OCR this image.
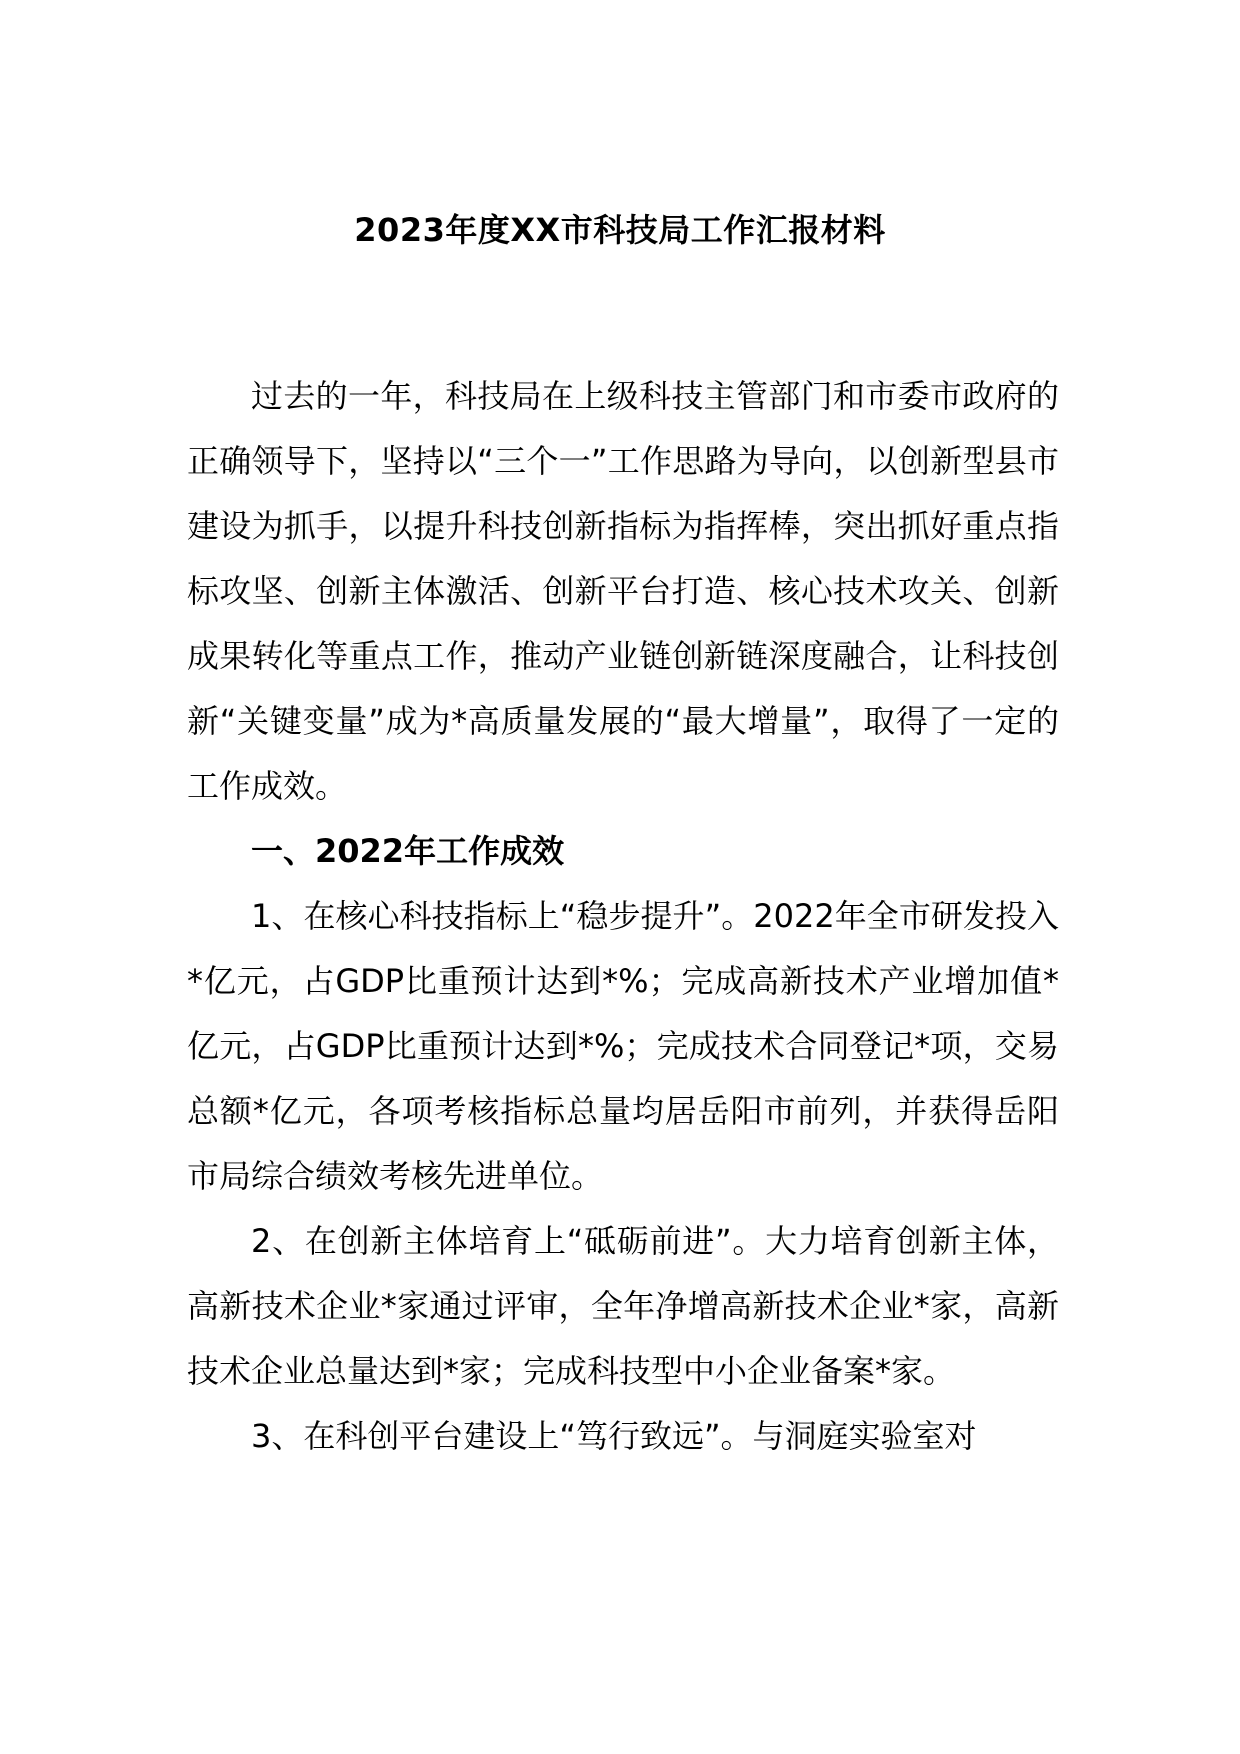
2023年度XX市科技局工作汇报材料

过去的一年，科技局在上级科技主管部门和市委市政府的正确领导下，坚持以“三个一”工作思路为导向，以创新型县市建设为抓手，以提升科技创新指标为指挥棒，突出抓好重点指标攻坚、创新主体激活、创新平台打造、核心技术攻关、创新成果转化等重点工作，推动产业链创新链深度融合，让科技创新“关键变量”成为*高质量发展的“最大增量”，取得了一定的工作成效。

一、2022年工作成效

1、在核心科技指标上“稳步提升”。2022年全市研发投入*亿元，占GDP比重预计达到*%；完成高新技术产业增加值*亿元，占GDP比重预计达到*%；完成技术合同登记*项，交易总额*亿元，各项考核指标总量均居岳阳市前列，并获得岳阳市局综合绩效考核先进单位。

2、在创新主体培育上“砥砺前进”。大力培育创新主体，高新技术企业*家通过评审，全年净增高新技术企业*家，高新技术企业总量达到*家；完成科技型中小企业备案*家。

3、在科创平台建设上“笃行致远”。与洞庭实验室对
